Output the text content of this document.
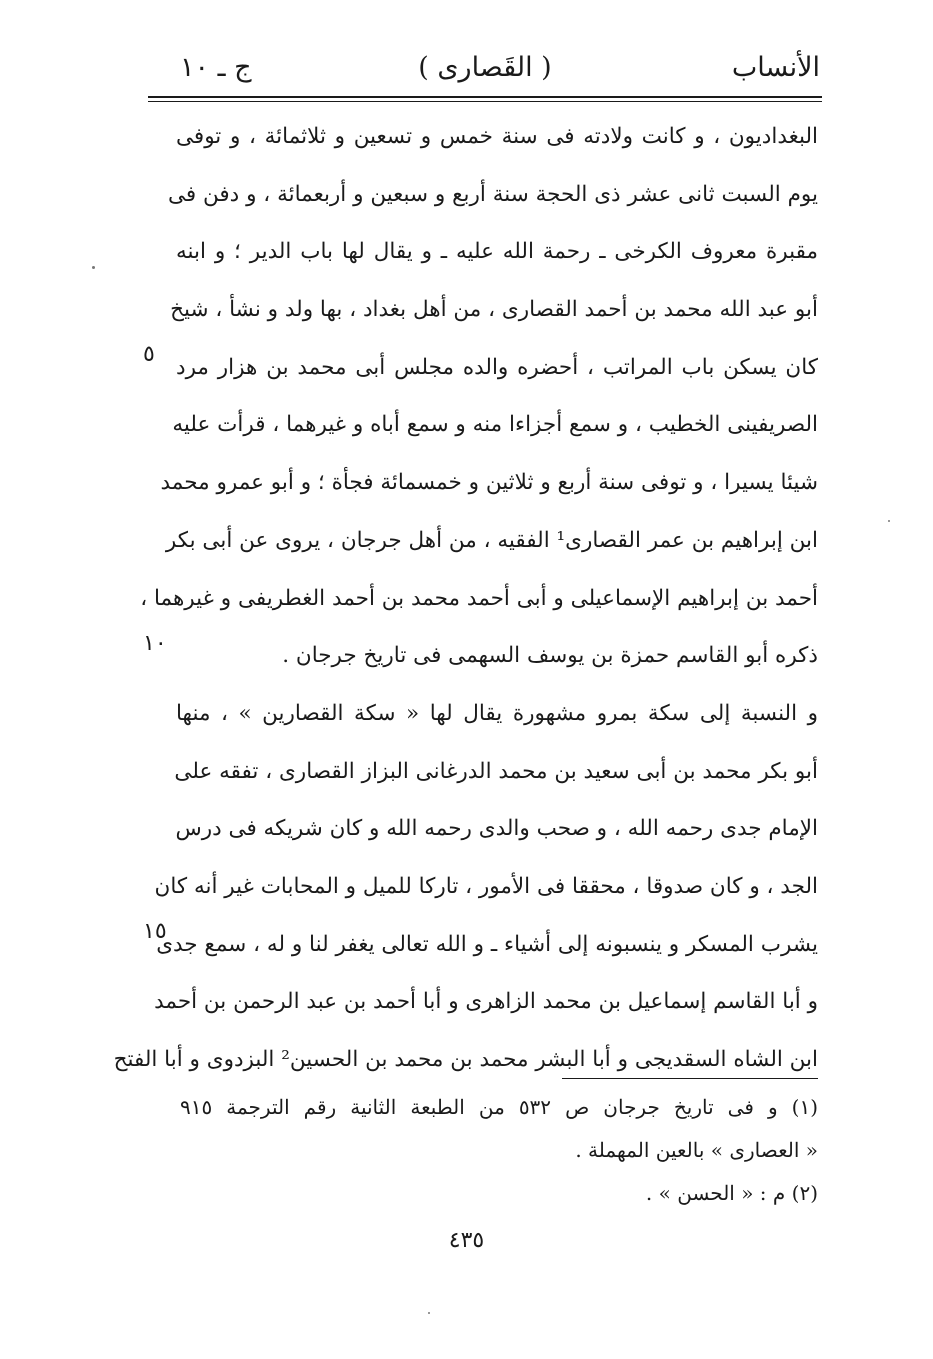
الأنساب
( القَصارى )
ج ـ ١٠
البغداديون ، و كانت ولادته فى سنة خمس و تسعين و ثلاثمائة ، و توفى
يوم السبت ثانى عشر ذى الحجة سنة أربع و سبعين و أربعمائة ، و دفن فى
مقبرة معروف الكرخى ـ رحمة الله عليه ـ و يقال لها باب الدير ؛ و ابنه
أبو عبد الله محمد بن أحمد القصارى ، من أهل بغداد ، بها ولد و نشأ ، شيخ
كان يسكن باب المراتب ، أحضره والده مجلس أبى محمد بن هزار مرد
الصريفينى الخطيب ، و سمع أجزاءا منه و سمع أباه و غيرهما ، قرأت عليه
شيئا يسيرا ، و توفى سنة أربع و ثلاثين و خمسمائة فجأة ؛ و أبو عمرو محمد
ابن إبراهيم بن عمر القصارى¹ الفقيه ، من أهل جرجان ، يروى عن أبى بكر
أحمد بن إبراهيم الإسماعيلى و أبى أحمد محمد بن أحمد الغطريفى و غيرهما ،
ذكره أبو القاسم حمزة بن يوسف السهمى فى تاريخ جرجان .
و النسبة إلى سكة بمرو مشهورة يقال لها « سكة القصارين » ، منها
أبو بكر محمد بن أبى سعيد بن محمد الدرغانى البزاز القصارى ، تفقه على
الإمام جدى رحمه الله ، و صحب والدى رحمه الله و كان شريكه فى درس
الجد ، و كان صدوقا ، محققا فى الأمور ، تاركا للميل و المحابات غير أنه كان
يشرب المسكر و ينسبونه إلى أشياء ـ و الله تعالى يغفر لنا و له ، سمع جدى
و أبا القاسم إسماعيل بن محمد الزاهرى و أبا أحمد بن عبد الرحمن بن أحمد
ابن الشاه السقديجى و أبا البشر محمد بن محمد بن الحسين² البزدوى و أبا الفتح
٥
١٠
١٥
(١) و فى تاريخ جرجان ص ٥٣٢ من الطبعة الثانية رقم الترجمة ٩١٥
« العصارى » بالعين المهملة .
(٢) م : « الحسن » .
٤٣٥
